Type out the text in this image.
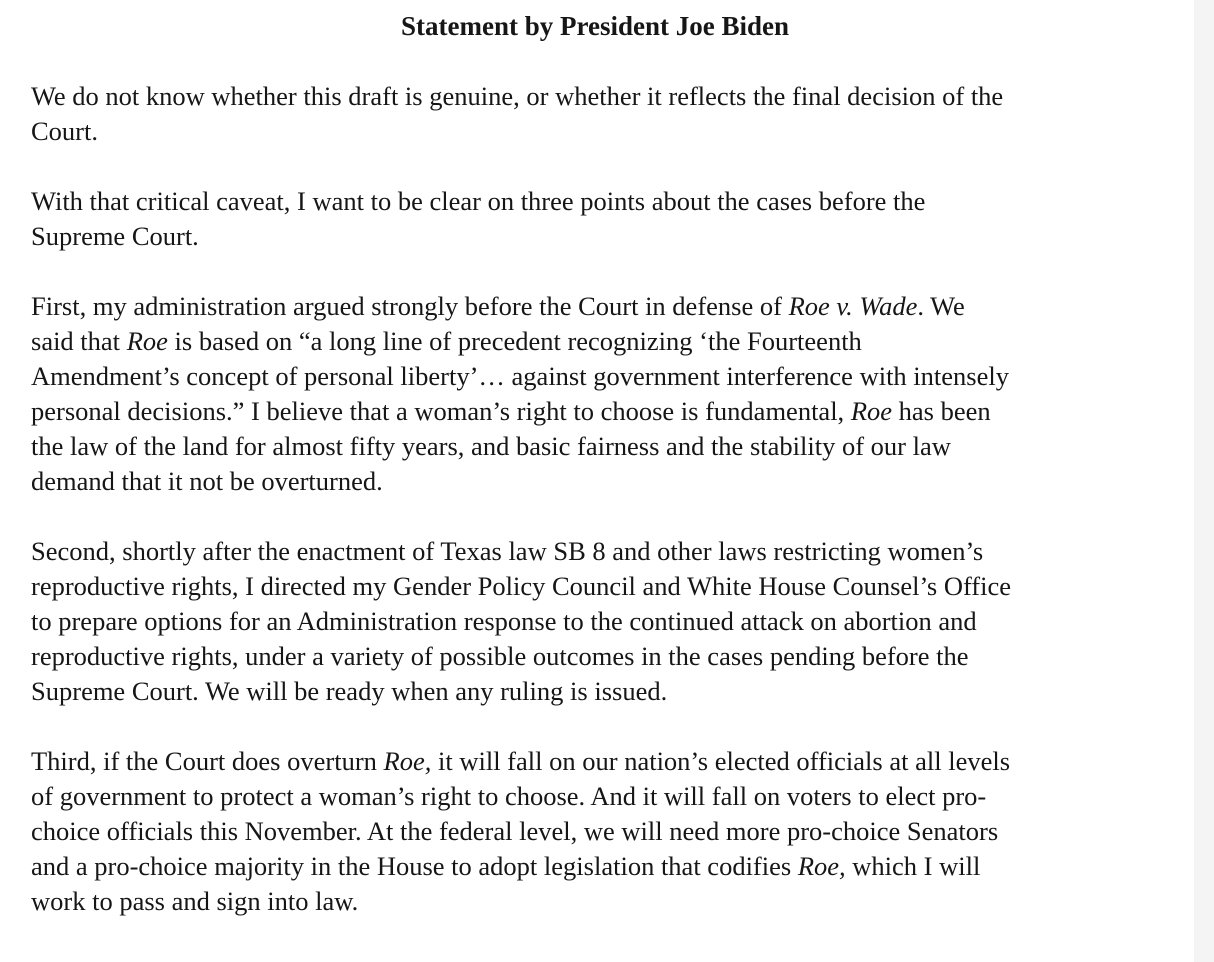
Statement by President Joe Biden

We do not know whether this draft is genuine, or whether it reflects the final decision of the
Court.

With that critical caveat, I want to be clear on three points about the cases before the
Supreme Court.

First, my administration argued strongly before the Court in defense of Roe v. Wade. We
said that Roe is based on “a long line of precedent recognizing ‘the Fourteenth
Amendment’s concept of personal liberty’… against government interference with intensely
personal decisions.” I believe that a woman’s right to choose is fundamental, Roe has been
the law of the land for almost fifty years, and basic fairness and the stability of our law
demand that it not be overturned.

Second, shortly after the enactment of Texas law SB 8 and other laws restricting women’s
reproductive rights, I directed my Gender Policy Council and White House Counsel’s Office
to prepare options for an Administration response to the continued attack on abortion and
reproductive rights, under a variety of possible outcomes in the cases pending before the
Supreme Court. We will be ready when any ruling is issued.

Third, if the Court does overturn Roe, it will fall on our nation’s elected officials at all levels
of government to protect a woman’s right to choose. And it will fall on voters to elect pro-
choice officials this November. At the federal level, we will need more pro-choice Senators
and a pro-choice majority in the House to adopt legislation that codifies Roe, which I will
work to pass and sign into law.
